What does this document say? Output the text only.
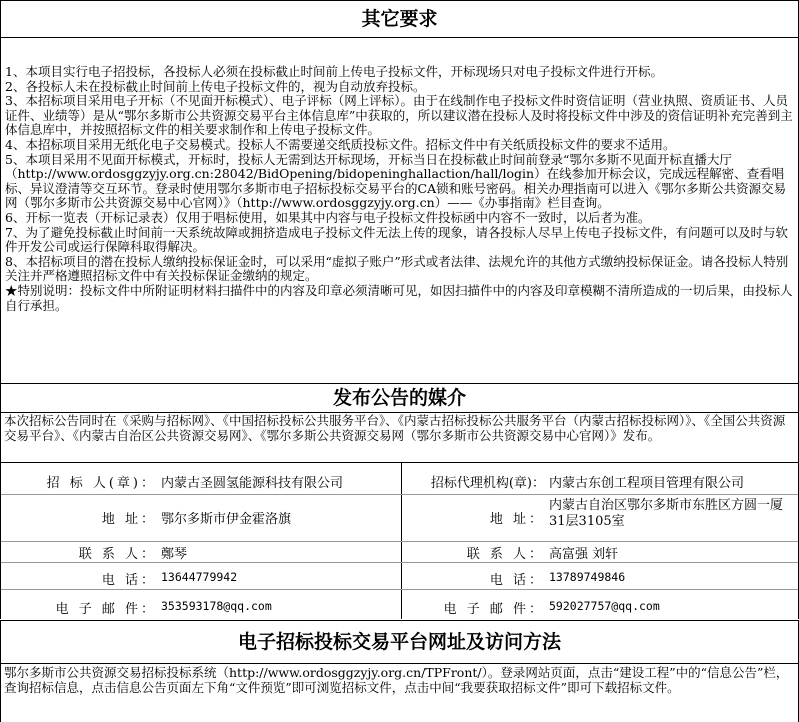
其它要求

1、本项目实行电子招投标，各投标人必须在投标截止时间前上传电子投标文件，开标现场只对电子投标文件进行开标。

2、各投标人未在投标截止时间前上传电子投标文件的，视为自动放弃投标。

3、本招标项目采用电子开标（不见面开标模式）、电子评标（网上评标）。由于在线制作电子投标文件时资信证明（营业执照、资质证书、人员证件、业绩等）是从“鄂尔多斯市公共资源交易平台主体信息库”中获取的，所以建议潜在投标人及时将投标文件中涉及的资信证明补充完善到主体信息库中，并按照招标文件的相关要求制作和上传电子投标文件。

4、本招标项目采用无纸化电子交易模式。投标人不需要递交纸质投标文件。招标文件中有关纸质投标文件的要求不适用。

5、本项目采用不见面开标模式，开标时，投标人无需到达开标现场，开标当日在投标截止时间前登录“鄂尔多斯不见面开标直播大厅（http://www.ordosggzyjy.org.cn:28042/BidOpening/bidopeninghallaction/hall/login）在线参加开标会议，完成远程解密、查看唱标、异议澄清等交互环节。登录时使用鄂尔多斯市电子招标投标交易平台的CA锁和账号密码。相关办理指南可以进入《鄂尔多斯公共资源交易网（鄂尔多斯市公共资源交易中心官网）》（http://www.ordosggzyjy.org.cn）——《办事指南》栏目查询。

6、开标一览表（开标记录表）仅用于唱标使用，如果其中内容与电子投标文件投标函中内容不一致时，以后者为准。

7、为了避免投标截止时间前一天系统故障或拥挤造成电子投标文件无法上传的现象，请各投标人尽早上传电子投标文件，有问题可以及时与软件开发公司或运行保障科取得解决。

8、本招标项目的潜在投标人缴纳投标保证金时，可以采用“虚拟子账户”形式或者法律、法规允许的其他方式缴纳投标保证金。请各投标人特别关注并严格遵照招标文件中有关投标保证金缴纳的规定。

★特别说明：投标文件中所附证明材料扫描件中的内容及印章必须清晰可见，如因扫描件中的内容及印章模糊不清所造成的一切后果，由投标人自行承担。

发布公告的媒介

本次招标公告同时在《采购与招标网》、《中国招标投标公共服务平台》、《内蒙古招标投标公共服务平台（内蒙古招标投标网）》、《全国公共资源交易平台》、《内蒙古自治区公共资源交易网》、《鄂尔多斯公共资源交易网（鄂尔多斯市公共资源交易中心官网）》发布。

招 标 人(章)： 内蒙古圣圆氢能源科技有限公司
地 址： 鄂尔多斯市伊金霍洛旗
联 系 人： 鄭琴
电 话： 13644779942
电 子 邮 件： 353593178@qq.com
招标代理机构(章)： 内蒙古东创工程项目管理有限公司
地 址：
内蒙古自治区鄂尔多斯市东胜区方圆一厦31层3105室
联 系 人： 高富强 刘轩
电 话： 13789749846
电 子 邮 件： 592027757@qq.com
电子招标投标交易平台网址及访问方法

鄂尔多斯市公共资源交易招标投标系统（http://www.ordosggzyjy.org.cn/TPFront/）。登录网站页面，点击“建设工程”中的“信息公告”栏，查询招标信息，点击信息公告页面左下角“文件预览”即可浏览招标文件，点击中间“我要获取招标文件”即可下载招标文件。
